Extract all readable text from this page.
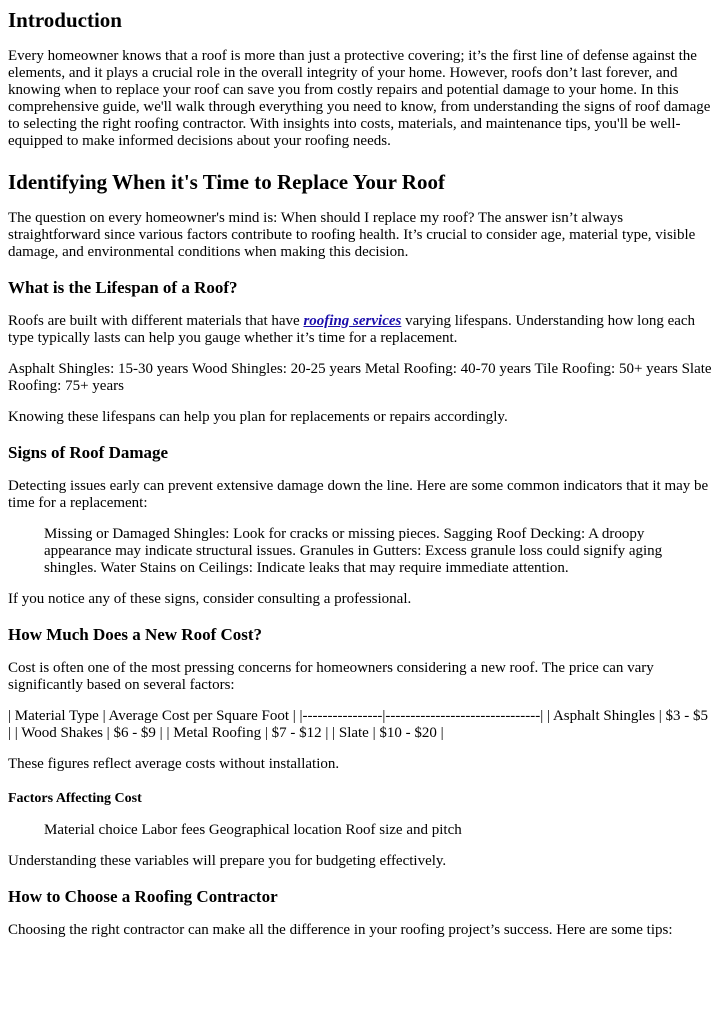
Introduction

Every homeowner knows that a roof is more than just a protective covering; it’s the first line of defense against the elements, and it plays a crucial role in the overall integrity of your home. However, roofs don’t last forever, and knowing when to replace your roof can save you from costly repairs and potential damage to your home. In this comprehensive guide, we'll walk through everything you need to know, from understanding the signs of roof damage to selecting the right roofing contractor. With insights into costs, materials, and maintenance tips, you'll be well-equipped to make informed decisions about your roofing needs.

Identifying When it's Time to Replace Your Roof

The question on every homeowner's mind is: When should I replace my roof? The answer isn’t always straightforward since various factors contribute to roofing health. It’s crucial to consider age, material type, visible damage, and environmental conditions when making this decision.

What is the Lifespan of a Roof?

Roofs are built with different materials that have roofing services varying lifespans. Understanding how long each type typically lasts can help you gauge whether it’s time for a replacement.

Asphalt Shingles: 15-30 years Wood Shingles: 20-25 years Metal Roofing: 40-70 years Tile Roofing: 50+ years Slate Roofing: 75+ years

Knowing these lifespans can help you plan for replacements or repairs accordingly.

Signs of Roof Damage

Detecting issues early can prevent extensive damage down the line. Here are some common indicators that it may be time for a replacement:

Missing or Damaged Shingles: Look for cracks or missing pieces. Sagging Roof Decking: A droopy appearance may indicate structural issues. Granules in Gutters: Excess granule loss could signify aging shingles. Water Stains on Ceilings: Indicate leaks that may require immediate attention.

If you notice any of these signs, consider consulting a professional.

How Much Does a New Roof Cost?

Cost is often one of the most pressing concerns for homeowners considering a new roof. The price can vary significantly based on several factors:

| Material Type | Average Cost per Square Foot | |----------------|-------------------------------| | Asphalt Shingles | $3 - $5 | | Wood Shakes | $6 - $9 | | Metal Roofing | $7 - $12 | | Slate | $10 - $20 |

These figures reflect average costs without installation.

Factors Affecting Cost
Material choice Labor fees Geographical location Roof size and pitch

Understanding these variables will prepare you for budgeting effectively.

How to Choose a Roofing Contractor

Choosing the right contractor can make all the difference in your roofing project’s success. Here are some tips:
